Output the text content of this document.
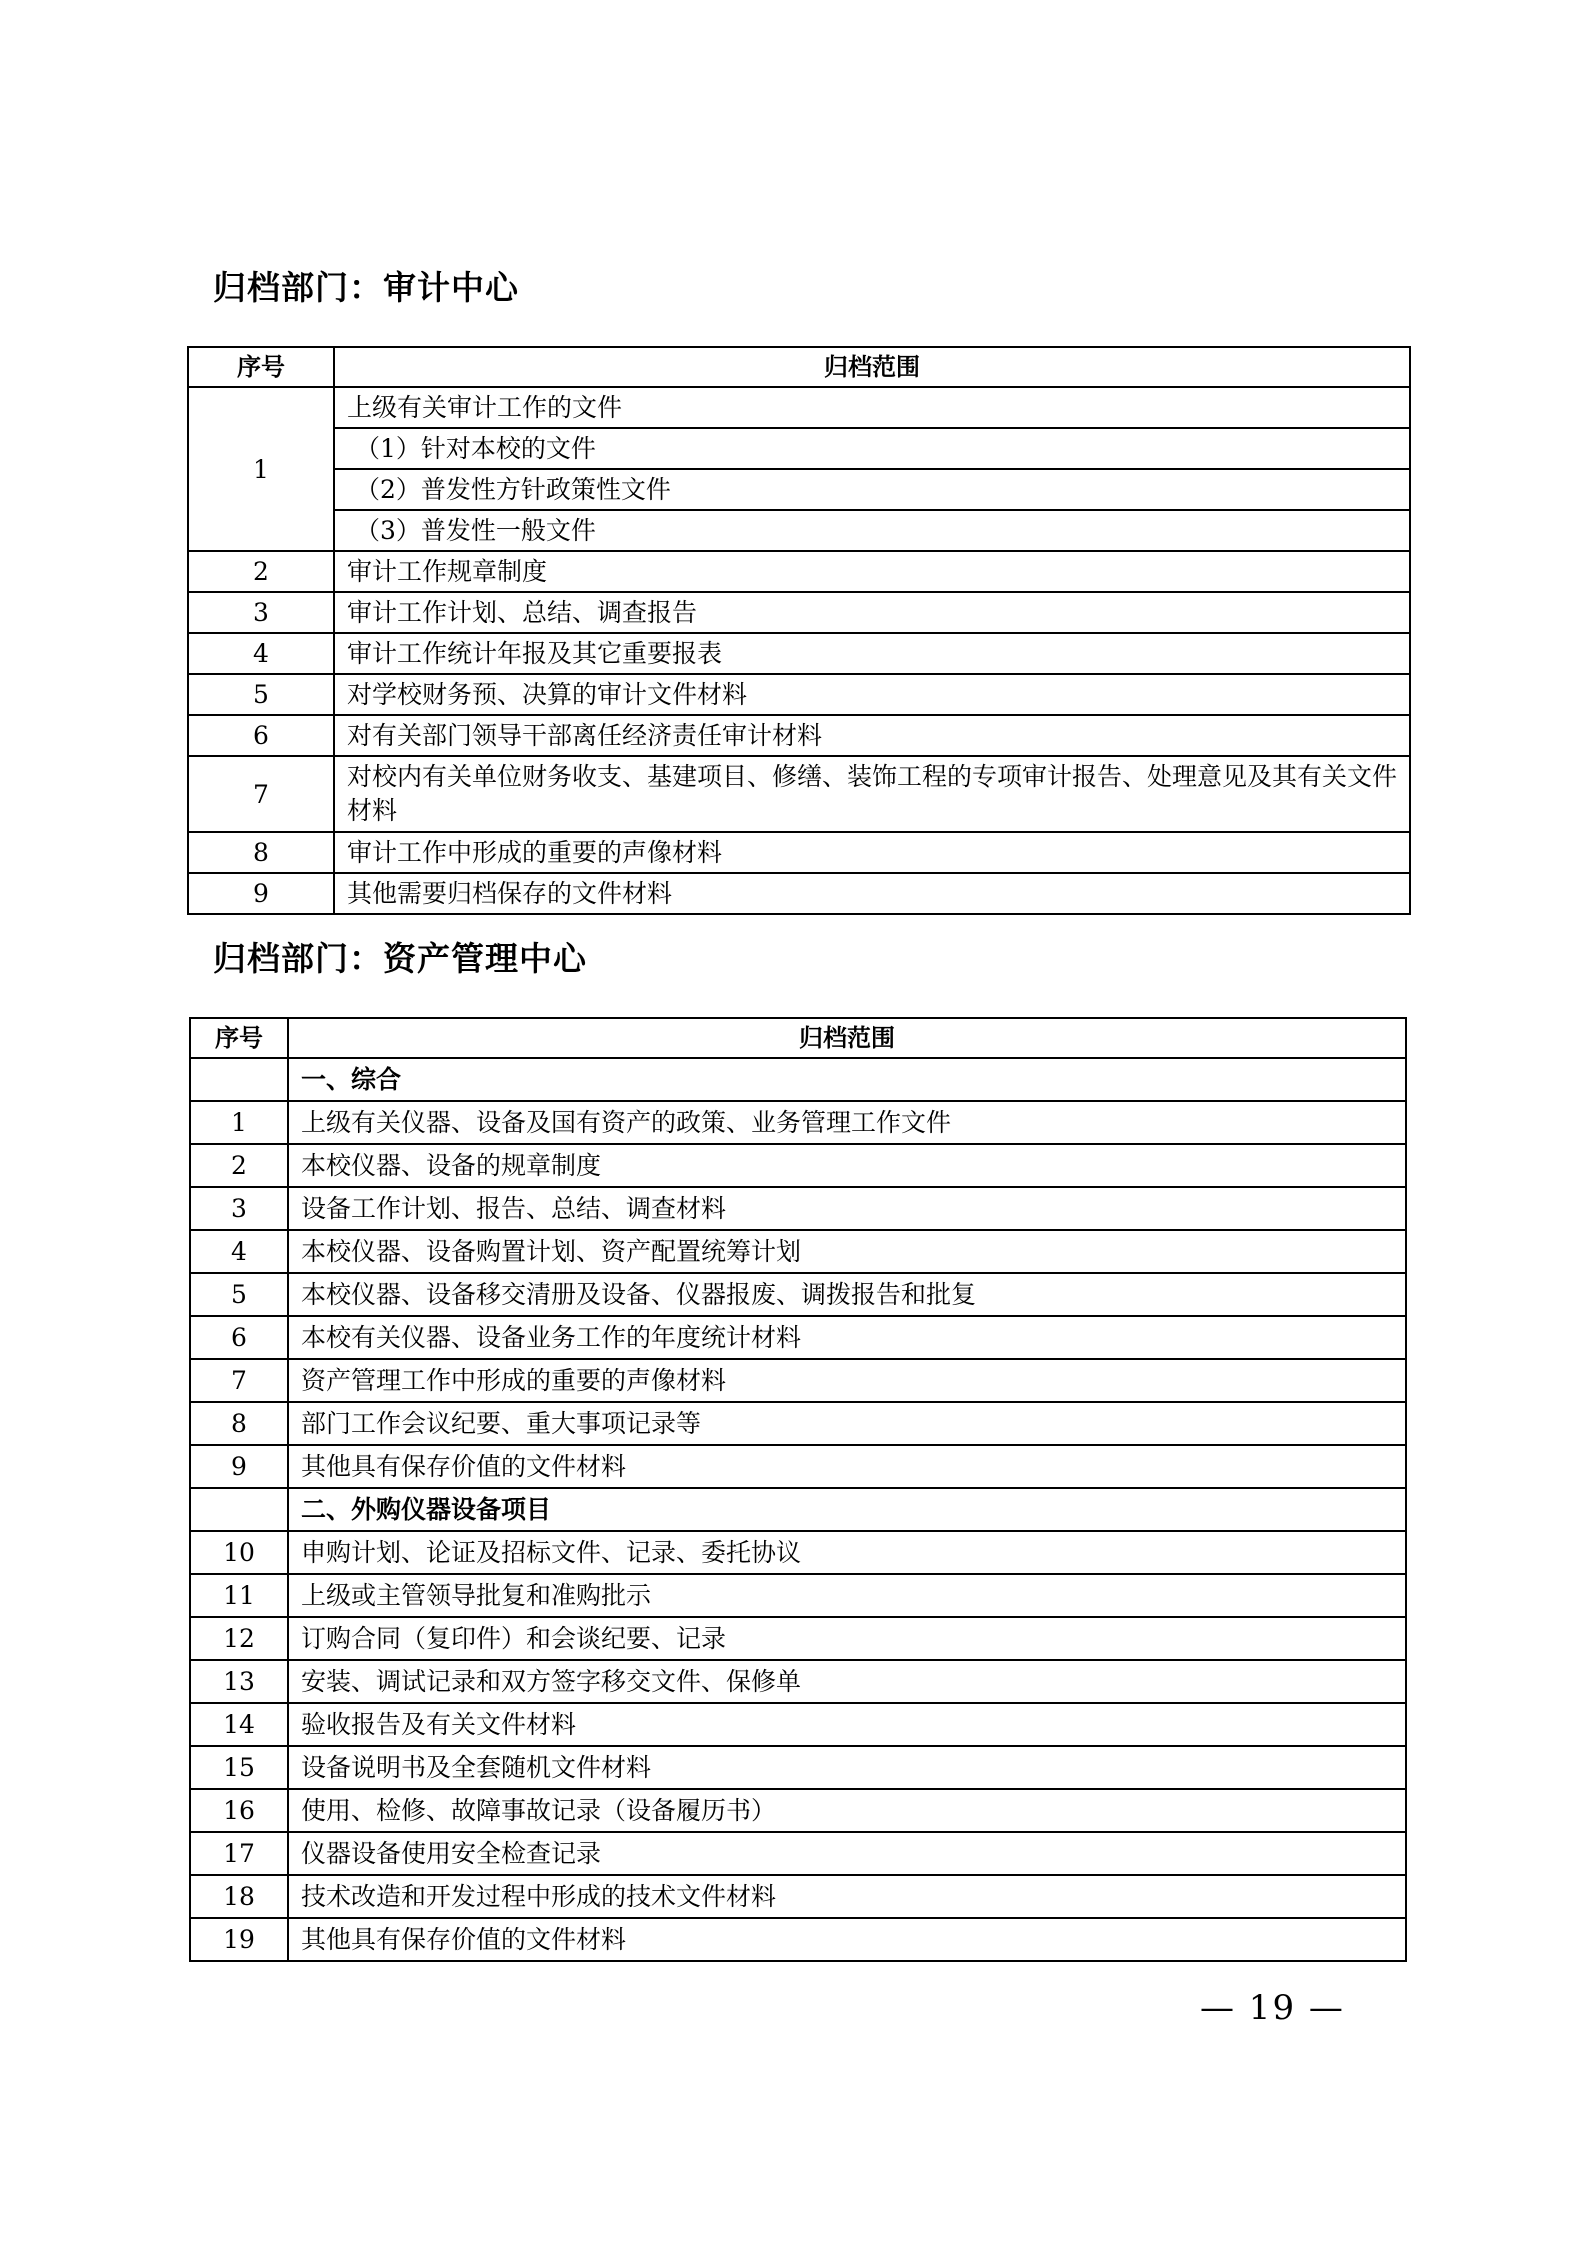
归档部门：审计中心
序号	归档范围
1	上级有关审计工作的文件
	（1）针对本校的文件
	（2）普发性方针政策性文件
	（3）普发性一般文件
2	审计工作规章制度
3	审计工作计划、总结、调查报告
4	审计工作统计年报及其它重要报表
5	对学校财务预、决算的审计文件材料
6	对有关部门领导干部离任经济责任审计材料
7	对校内有关单位财务收支、基建项目、修缮、装饰工程的专项审计报告、处理意见及其有关文件材料
8	审计工作中形成的重要的声像材料
9	其他需要归档保存的文件材料
归档部门：资产管理中心
序号	归档范围
	一、综合
1	上级有关仪器、设备及国有资产的政策、业务管理工作文件
2	本校仪器、设备的规章制度
3	设备工作计划、报告、总结、调查材料
4	本校仪器、设备购置计划、资产配置统筹计划
5	本校仪器、设备移交清册及设备、仪器报废、调拨报告和批复
6	本校有关仪器、设备业务工作的年度统计材料
7	资产管理工作中形成的重要的声像材料
8	部门工作会议纪要、重大事项记录等
9	其他具有保存价值的文件材料
	二、外购仪器设备项目
10	申购计划、论证及招标文件、记录、委托协议
11	上级或主管领导批复和准购批示
12	订购合同（复印件）和会谈纪要、记录
13	安装、调试记录和双方签字移交文件、保修单
14	验收报告及有关文件材料
15	设备说明书及全套随机文件材料
16	使用、检修、故障事故记录（设备履历书）
17	仪器设备使用安全检查记录
18	技术改造和开发过程中形成的技术文件材料
19	其他具有保存价值的文件材料
— 19 —
